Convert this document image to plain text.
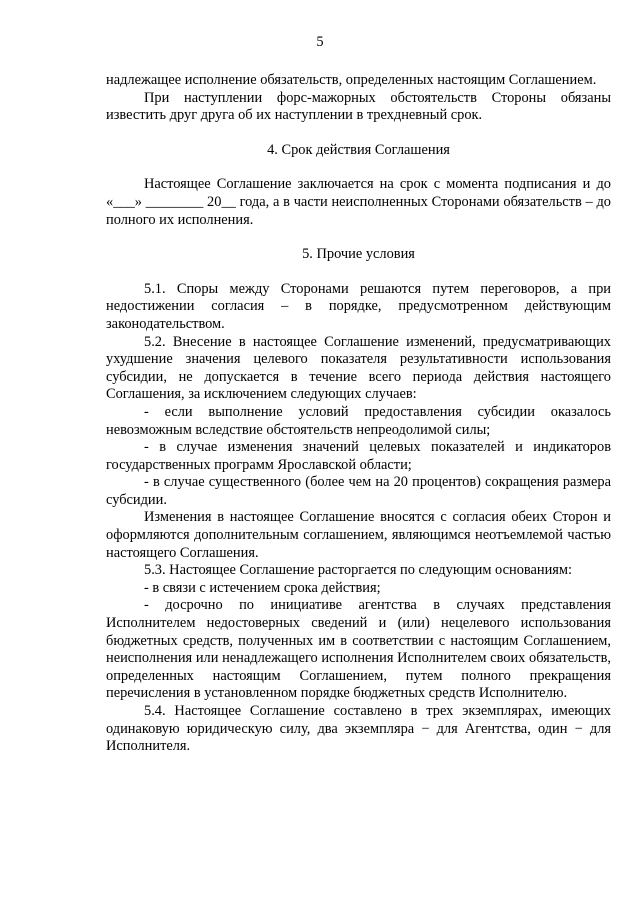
5

надлежащее исполнение обязательств, определенных настоящим Соглашением.

При наступлении форс-мажорных обстоятельств Стороны обязаны известить друг друга об их наступлении в трехдневный срок.

4. Срок действия Соглашения

Настоящее Соглашение заключается на срок с момента подписания и до «___» ________ 20__ года, а в части неисполненных Сторонами обязательств – до полного их исполнения.

5. Прочие условия

5.1. Споры между Сторонами решаются путем переговоров, а при недостижении согласия – в порядке, предусмотренном действующим законодательством.

5.2. Внесение в настоящее Соглашение изменений, предусматривающих ухудшение значения целевого показателя результативности использования субсидии, не допускается в течение всего периода действия настоящего Соглашения, за исключением следующих случаев:

- если выполнение условий предоставления субсидии оказалось невозможным вследствие обстоятельств непреодолимой силы;

- в случае изменения значений целевых показателей и индикаторов государственных программ Ярославской области;

- в случае существенного (более чем на 20 процентов) сокращения размера субсидии.

Изменения в настоящее Соглашение вносятся с согласия обеих Сторон и оформляются дополнительным соглашением, являющимся неотъемлемой частью настоящего Соглашения.

5.3. Настоящее Соглашение расторгается по следующим основаниям:

- в связи с истечением срока действия;

- досрочно по инициативе агентства в случаях представления Исполнителем недостоверных сведений и (или) нецелевого использования бюджетных средств, полученных им в соответствии с настоящим Соглашением, неисполнения или ненадлежащего исполнения Исполнителем своих обязательств, определенных настоящим Соглашением, путем полного прекращения перечисления в установленном порядке бюджетных средств Исполнителю.

5.4. Настоящее Соглашение составлено в трех экземплярах, имеющих одинаковую юридическую силу, два экземпляра − для Агентства, один − для Исполнителя.
